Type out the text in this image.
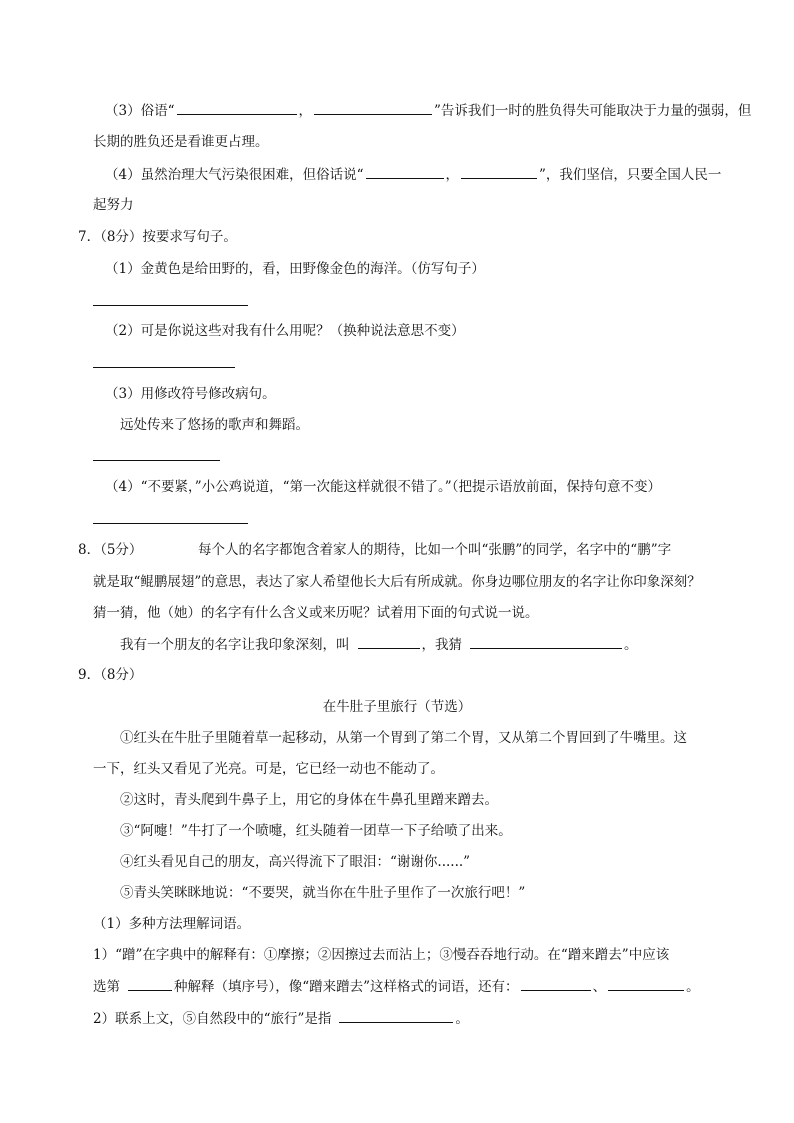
（3）俗语“	，	”告诉我们一时的胜负得失可能取决于力量的强弱，但
长期的胜负还是看谁更占理。
（4）虽然治理大气污染很困难，但俗话说“	，	”，我们坚信，只要全国人民一
起努力
7．（8分）按要求写句子。
（1）金黄色是给田野的，看，田野像金色的海洋。（仿写句子）
（2）可是你说这些对我有什么用呢？（换种说法意思不变）
（3）用修改符号修改病句。
远处传来了悠扬的歌声和舞蹈。
（4）“不要紧，”小公鸡说道，“第一次能这样就很不错了。”（把提示语放前面，保持句意不变）
8．（5分）	每个人的名字都饱含着家人的期待，比如一个叫“张鹏”的同学，名字中的“鹏”字
就是取“鲲鹏展翅”的意思，表达了家人希望他长大后有所成就。你身边哪位朋友的名字让你印象深刻？
猜一猜，他（她）的名字有什么含义或来历呢？试着用下面的句式说一说。
我有一个朋友的名字让我印象深刻，叫	，我猜	。
9．（8分）
在牛肚子里旅行（节选）
①红头在牛肚子里随着草一起移动，从第一个胃到了第二个胃，又从第二个胃回到了牛嘴里。这
一下，红头又看见了光亮。可是，它已经一动也不能动了。
②这时，青头爬到牛鼻子上，用它的身体在牛鼻孔里蹭来蹭去。
③“阿嚏！”牛打了一个喷嚏，红头随着一团草一下子给喷了出来。
④红头看见自己的朋友，高兴得流下了眼泪：“谢谢你......”
⑤青头笑眯眯地说：“不要哭，就当你在牛肚子里作了一次旅行吧！”
（1）多种方法理解词语。
1）“蹭”在字典中的解释有：①摩擦；②因擦过去而沾上；③慢吞吞地行动。在“蹭来蹭去”中应该
选第	种解释（填序号），像“蹭来蹭去”这样格式的词语，还有：	、	。
2）联系上文，⑤自然段中的“旅行”是指	。
